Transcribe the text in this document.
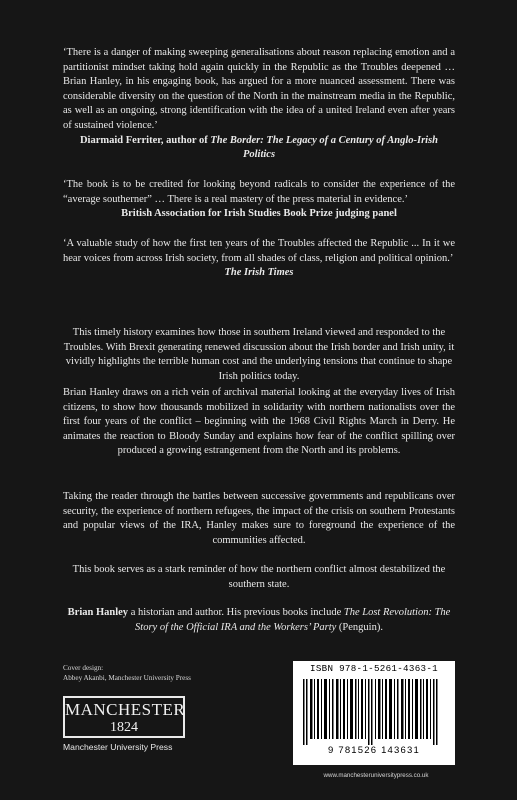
‘There is a danger of making sweeping generalisations about reason replacing emotion and a partitionist mindset taking hold again quickly in the Republic as the Troubles deepened … Brian Hanley, in his engaging book, has argued for a more nuanced assessment. There was considerable diversity on the question of the North in the mainstream media in the Republic, as well as an ongoing, strong identification with the idea of a united Ireland even after years of sustained violence.’

Diarmaid Ferriter, author of The Border: The Legacy of a Century of Anglo-Irish Politics

‘The book is to be credited for looking beyond radicals to consider the experience of the “average southerner” … There is a real mastery of the press material in evidence.’

British Association for Irish Studies Book Prize judging panel

‘A valuable study of how the first ten years of the Troubles affected the Republic ... In it we hear voices from across Irish society, from all shades of class, religion and political opinion.’

The Irish Times

This timely history examines how those in southern Ireland viewed and responded to the Troubles. With Brexit generating renewed discussion about the Irish border and Irish unity, it vividly highlights the terrible human cost and the underlying tensions that continue to shape Irish politics today.

Brian Hanley draws on a rich vein of archival material looking at the everyday lives of Irish citizens, to show how thousands mobilized in solidarity with northern nationalists over the first four years of the conflict – beginning with the 1968 Civil Rights March in Derry. He animates the reaction to Bloody Sunday and explains how fear of the conflict spilling over produced a growing estrangement from the North and its problems.

Taking the reader through the battles between successive governments and republicans over security, the experience of northern refugees, the impact of the crisis on southern Protestants and popular views of the IRA, Hanley makes sure to foreground the experience of the communities affected.

This book serves as a stark reminder of how the northern conflict almost destabilized the southern state.

Brian Hanley a historian and author. His previous books include The Lost Revolution: The Story of the Official IRA and the Workers’ Party (Penguin).

Cover design:
Abbey Akanbi, Manchester University Press
MANCHESTER
1824
Manchester University Press
ISBN 978-1-5261-4363-1
9 781526 143631
www.manchesteruniversitypress.co.uk
